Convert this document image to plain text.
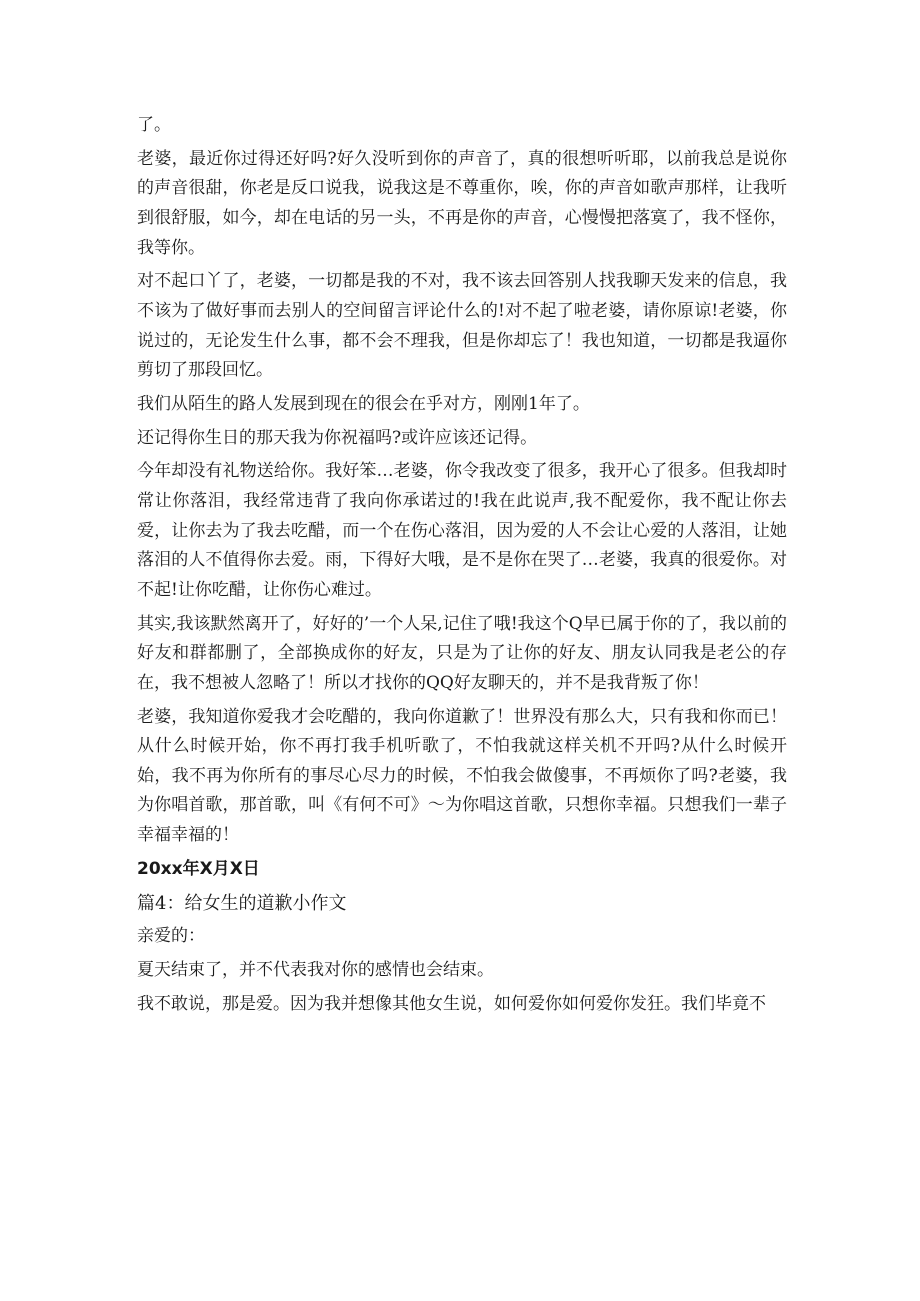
了。

老婆，最近你过得还好吗?好久没听到你的声音了，真的很想听听耶，以前我总是说你的声音很甜，你老是反口说我，说我这是不尊重你，唉，你的声音如歌声那样，让我听到很舒服，如今，却在电话的另一头，不再是你的声音，心慢慢把落寞了，我不怪你，我等你。

对不起口丫了，老婆，一切都是我的不对，我不该去回答别人找我聊天发来的信息，我不该为了做好事而去别人的空间留言评论什么的!对不起了啦老婆，请你原谅!老婆，你说过的，无论发生什么事，都不会不理我，但是你却忘了！我也知道，一切都是我逼你剪切了那段回忆。

我们从陌生的路人发展到现在的很会在乎对方，刚刚1年了。

还记得你生日的那天我为你祝福吗?或许应该还记得。

今年却没有礼物送给你。我好笨…老婆，你令我改变了很多，我开心了很多。但我却时常让你落泪，我经常违背了我向你承诺过的!我在此说声,我不配爱你，我不配让你去爱，让你去为了我去吃醋，而一个在伤心落泪，因为爱的人不会让心爱的人落泪，让她落泪的人不值得你去爱。雨，下得好大哦，是不是你在哭了…老婆，我真的很爱你。对不起!让你吃醋，让你伤心难过。

其实,我该默然离开了，好好的’一个人呆,记住了哦!我这个Q早已属于你的了，我以前的好友和群都删了，全部换成你的好友，只是为了让你的好友、朋友认同我是老公的存在，我不想被人忽略了！所以才找你的QQ好友聊天的，并不是我背叛了你！

老婆，我知道你爱我才会吃醋的，我向你道歉了！世界没有那么大，只有我和你而已！从什么时候开始，你不再打我手机听歌了，不怕我就这样关机不开吗?从什么时候开始，我不再为你所有的事尽心尽力的时候，不怕我会做傻事，不再烦你了吗?老婆，我为你唱首歌，那首歌，叫《有何不可》～为你唱这首歌，只想你幸福。只想我们一辈子幸福幸福的！

20xx年X月X日

篇4：给女生的道歉小作文

亲爱的：

夏天结束了，并不代表我对你的感情也会结束。

我不敢说，那是爱。因为我并想像其他女生说，如何爱你如何爱你发狂。我们毕竟不
